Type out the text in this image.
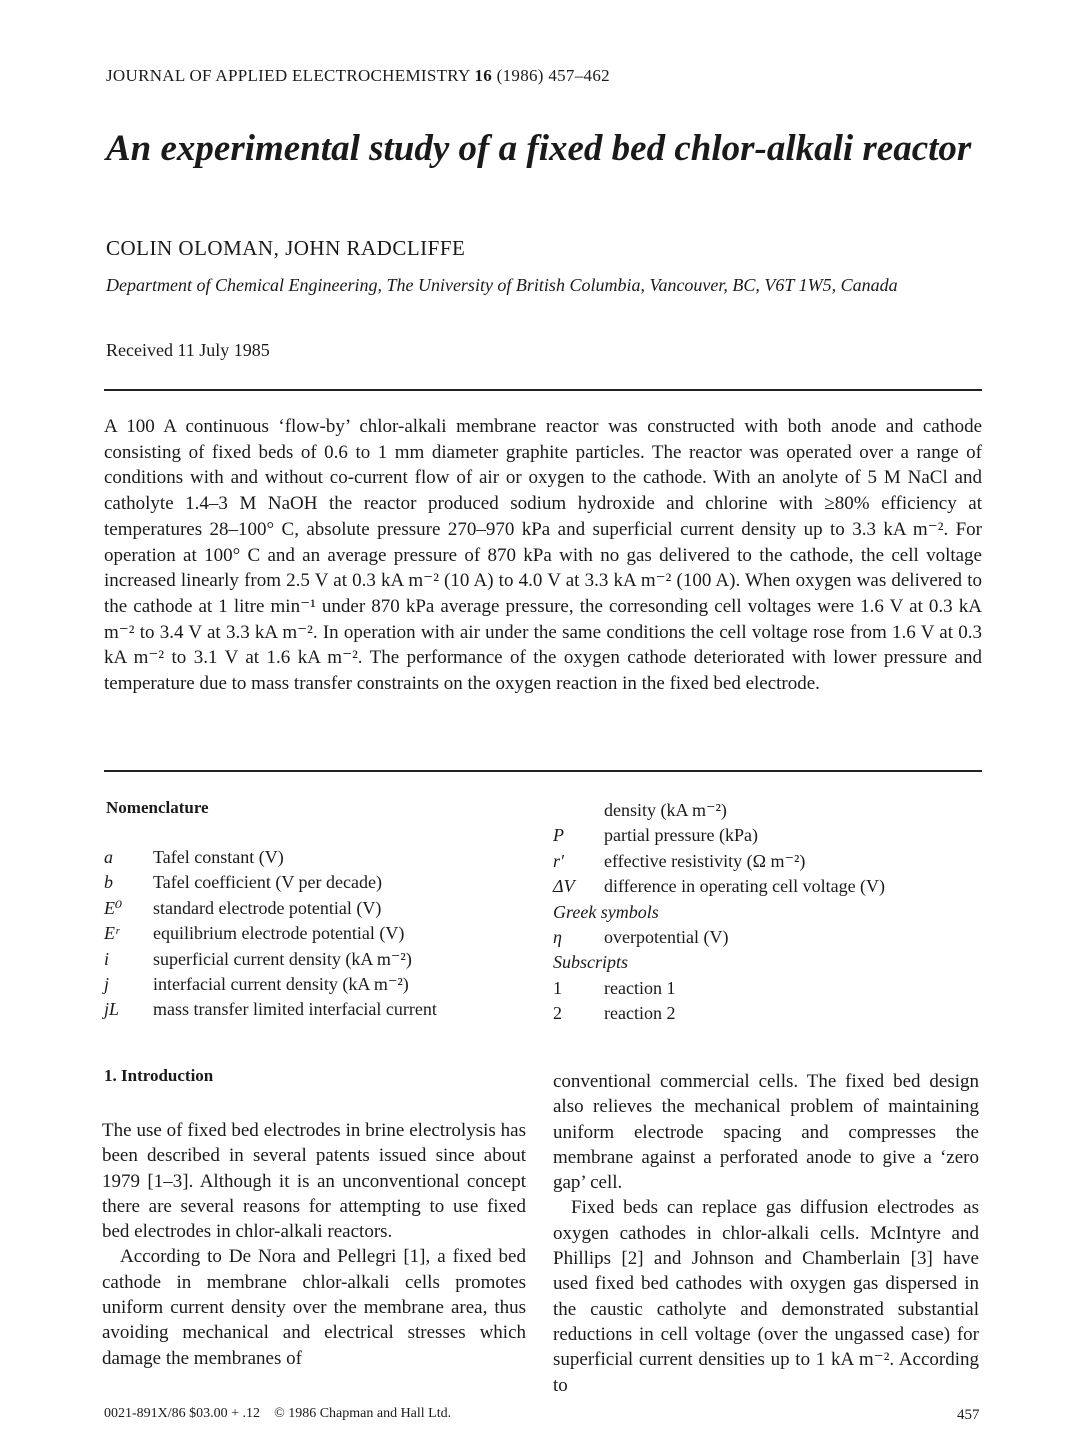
JOURNAL OF APPLIED ELECTROCHEMISTRY 16 (1986) 457–462
An experimental study of a fixed bed chlor-alkali reactor
COLIN OLOMAN, JOHN RADCLIFFE
Department of Chemical Engineering, The University of British Columbia, Vancouver, BC, V6T 1W5, Canada
Received 11 July 1985
A 100 A continuous ‘flow-by’ chlor-alkali membrane reactor was constructed with both anode and cathode consisting of fixed beds of 0.6 to 1 mm diameter graphite particles. The reactor was operated over a range of conditions with and without co-current flow of air or oxygen to the cathode. With an anolyte of 5 M NaCl and catholyte 1.4–3 M NaOH the reactor produced sodium hydroxide and chlorine with ≥80% efficiency at temperatures 28–100° C, absolute pressure 270–970 kPa and superficial current density up to 3.3 kA m⁻². For operation at 100° C and an average pressure of 870 kPa with no gas delivered to the cathode, the cell voltage increased linearly from 2.5 V at 0.3 kA m⁻² (10 A) to 4.0 V at 3.3 kA m⁻² (100 A). When oxygen was delivered to the cathode at 1 litre min⁻¹ under 870 kPa average pressure, the corresonding cell voltages were 1.6 V at 0.3 kA m⁻² to 3.4 V at 3.3 kA m⁻². In operation with air under the same conditions the cell voltage rose from 1.6 V at 0.3 kA m⁻² to 3.1 V at 1.6 kA m⁻². The performance of the oxygen cathode deteriorated with lower pressure and temperature due to mass transfer constraints on the oxygen reaction in the fixed bed electrode.
Nomenclature
a	Tafel constant (V)
b	Tafel coefficient (V per decade)
E⁰	standard electrode potential (V)
Eʳ	equilibrium electrode potential (V)
i	superficial current density (kA m⁻²)
j	interfacial current density (kA m⁻²)
jL	mass transfer limited interfacial current
density (kA m⁻²)
P	partial pressure (kPa)
r′	effective resistivity (Ω m⁻²)
ΔV	difference in operating cell voltage (V)
Greek symbols
η	overpotential (V)
Subscripts
1	reaction 1
2	reaction 2
1. Introduction

The use of fixed bed electrodes in brine electrolysis has been described in several patents issued since about 1979 [1–3]. Although it is an unconventional concept there are several reasons for attempting to use fixed bed electrodes in chlor-alkali reactors.

According to De Nora and Pellegri [1], a fixed bed cathode in membrane chlor-alkali cells promotes uniform current density over the membrane area, thus avoiding mechanical and electrical stresses which damage the membranes of

conventional commercial cells. The fixed bed design also relieves the mechanical problem of maintaining uniform electrode spacing and compresses the membrane against a perforated anode to give a ‘zero gap’ cell.

Fixed beds can replace gas diffusion electrodes as oxygen cathodes in chlor-alkali cells. McIntyre and Phillips [2] and Johnson and Chamberlain [3] have used fixed bed cathodes with oxygen gas dispersed in the caustic catholyte and demonstrated substantial reductions in cell voltage (over the ungassed case) for superficial current densities up to 1 kA m⁻². According to

0021-891X/86 $03.00 + .12 © 1986 Chapman and Hall Ltd.	457
